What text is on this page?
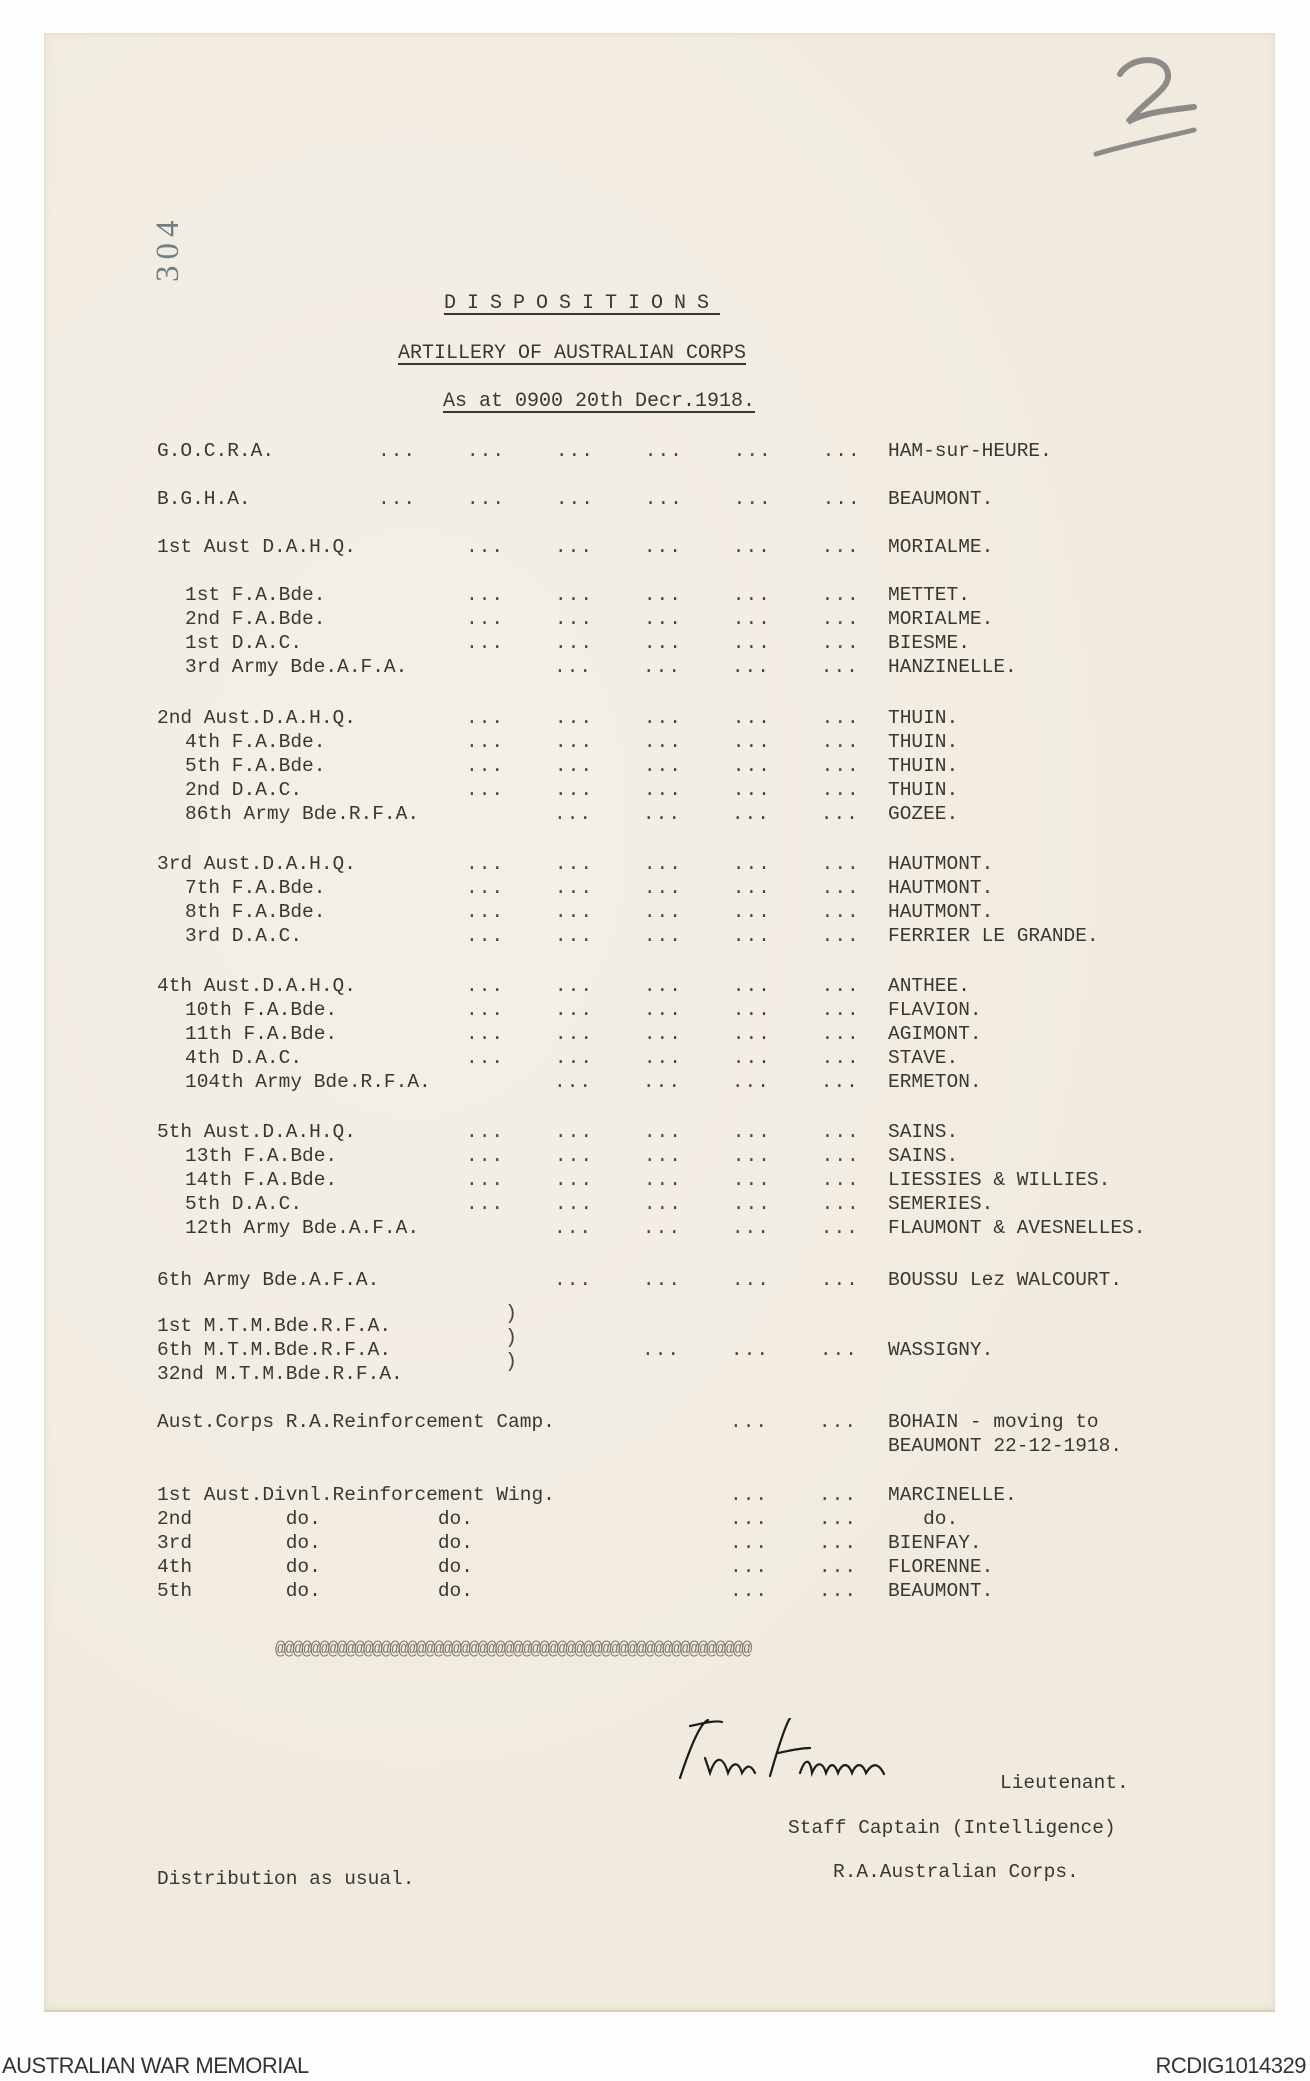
304
DISPOSITIONS
ARTILLERY OF AUSTRALIAN CORPS
As at 0900 20th Decr.1918.
G.O.C.R.A.	...    ...    ...    ...    ...    ... HAM-sur-HEURE.
B.G.H.A.	...    ...    ...    ...    ...    ... BEAUMONT.
1st Aust D.A.H.Q.	...    ...    ...    ...    ... MORIALME.
1st F.A.Bde.	...    ...    ...    ...    ... METTET.
2nd F.A.Bde.	...    ...    ...    ...    ... MORIALME.
1st D.A.C.	...    ...    ...    ...    ... BIESME.
3rd Army Bde.A.F.A.	...    ...    ...    ... HANZINELLE.
2nd Aust.D.A.H.Q.	...    ...    ...    ...    ... THUIN.
4th F.A.Bde.	...    ...    ...    ...    ... THUIN.
5th F.A.Bde.	...    ...    ...    ...    ... THUIN.
2nd D.A.C.	...    ...    ...    ...    ... THUIN.
86th Army Bde.R.F.A.	...    ...    ...    ... GOZEE.
3rd Aust.D.A.H.Q.	...    ...    ...    ...    ... HAUTMONT.
7th F.A.Bde.	...    ...    ...    ...    ... HAUTMONT.
8th F.A.Bde.	...    ...    ...    ...    ... HAUTMONT.
3rd D.A.C.	...    ...    ...    ...    ... FERRIER LE GRANDE.
4th Aust.D.A.H.Q.	...    ...    ...    ...    ... ANTHEE.
10th F.A.Bde.	...    ...    ...    ...    ... FLAVION.
11th F.A.Bde.	...    ...    ...    ...    ... AGIMONT.
4th D.A.C.	...    ...    ...    ...    ... STAVE.
104th Army Bde.R.F.A.	...    ...    ...    ... ERMETON.
5th Aust.D.A.H.Q.	...    ...    ...    ...    ... SAINS.
13th F.A.Bde.	...    ...    ...    ...    ... SAINS.
14th F.A.Bde.	...    ...    ...    ...    ... LIESSIES & WILLIES.
5th D.A.C.	...    ...    ...    ...    ... SEMERIES.
12th Army Bde.A.F.A.	...    ...    ...    ... FLAUMONT & AVESNELLES.
6th Army Bde.A.F.A.	...    ...    ...    ... BOUSSU Lez WALCOURT.
1st M.T.M.Bde.R.F.A.
6th M.T.M.Bde.R.F.A.	...    ...    ... WASSIGNY.
32nd M.T.M.Bde.R.F.A.
Aust.Corps R.A.Reinforcement Camp.	...    ... BOHAIN - moving to
BEAUMONT 22-12-1918.
1st Aust.Divnl.Reinforcement Wing.	...    ... MARCINELLE.
2nd        do.          do.	...    ... do.
3rd        do.          do.	...    ... BIENFAY.
4th        do.          do.	...    ... FLORENNE.
5th        do.          do.	...    ... BEAUMONT.
)
)
)
@@@@@@@@@@@@@@@@@@@@@@@@@@@@@@@@@@@@@@@@@@@@@@@@@@@@@@
Lieutenant.
Staff Captain (Intelligence)
R.A.Australian Corps.
Distribution as usual.
AUSTRALIAN WAR MEMORIAL	RCDIG1014329
